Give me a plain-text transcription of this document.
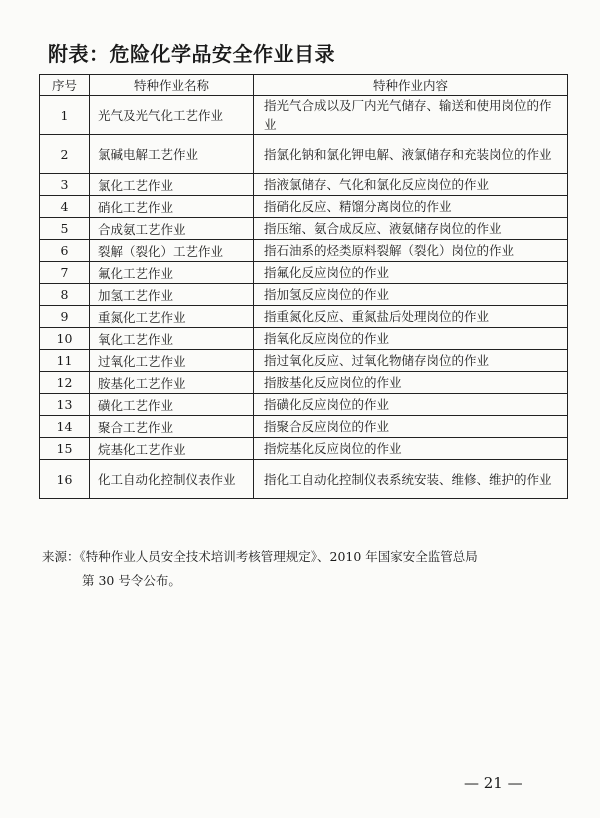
附表：危险化学品安全作业目录
序号	特种作业名称	特种作业内容
1	光气及光气化工艺作业	指光气合成以及厂内光气储存、输送和使用岗位的作业
2	氯碱电解工艺作业	指氯化钠和氯化钾电解、液氯储存和充装岗位的作业
3	氯化工艺作业	指液氯储存、气化和氯化反应岗位的作业
4	硝化工艺作业	指硝化反应、精馏分离岗位的作业
5	合成氨工艺作业	指压缩、氨合成反应、液氨储存岗位的作业
6	裂解（裂化）工艺作业	指石油系的烃类原料裂解（裂化）岗位的作业
7	氟化工艺作业	指氟化反应岗位的作业
8	加氢工艺作业	指加氢反应岗位的作业
9	重氮化工艺作业	指重氮化反应、重氮盐后处理岗位的作业
10	氧化工艺作业	指氧化反应岗位的作业
11	过氧化工艺作业	指过氧化反应、过氧化物储存岗位的作业
12	胺基化工艺作业	指胺基化反应岗位的作业
13	磺化工艺作业	指磺化反应岗位的作业
14	聚合工艺作业	指聚合反应岗位的作业
15	烷基化工艺作业	指烷基化反应岗位的作业
16	化工自动化控制仪表作业	指化工自动化控制仪表系统安装、维修、维护的作业
来源：《特种作业人员安全技术培训考核管理规定》、2010 年国家安全监管总局
第 30 号令公布。
— 21 —
